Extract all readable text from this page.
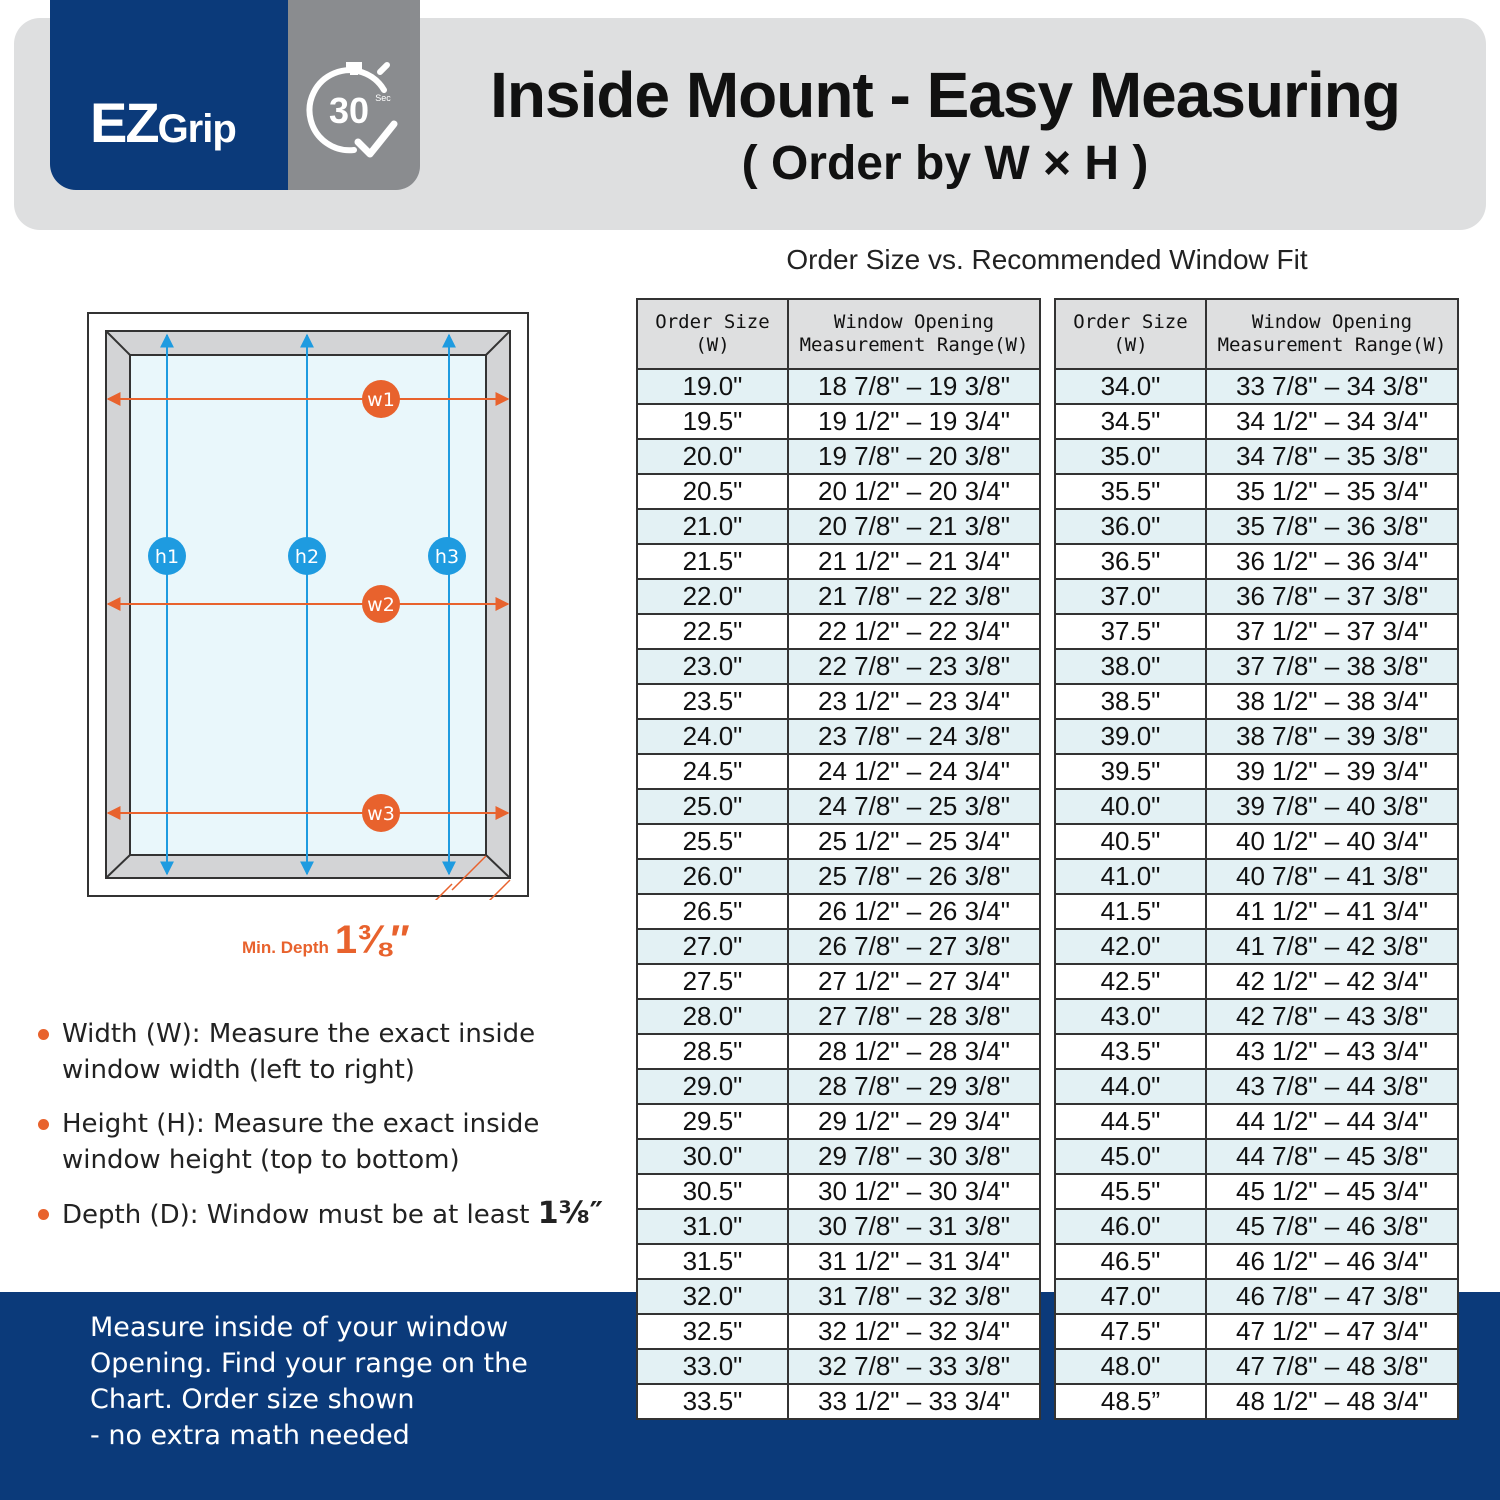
EZGrip	30 Sec	Inside Mount - Easy Measuring
( Order by W × H )
Measure inside of your window
Opening. Find your range on the
Chart. Order size shown
- no extra math needed
Order Size vs. Recommended Window Fit
Order Size (W)	Window Opening Measurement Range(W)
19.0"	18 7/8" – 19 3/8"
19.5"	19 1/2" – 19 3/4"
20.0"	19 7/8" – 20 3/8"
20.5"	20 1/2" – 20 3/4"
21.0"	20 7/8" – 21 3/8"
21.5"	21 1/2" – 21 3/4"
22.0"	21 7/8" – 22 3/8"
22.5"	22 1/2" – 22 3/4"
23.0"	22 7/8" – 23 3/8"
23.5"	23 1/2" – 23 3/4"
24.0"	23 7/8" – 24 3/8"
24.5"	24 1/2" – 24 3/4"
25.0"	24 7/8" – 25 3/8"
25.5"	25 1/2" – 25 3/4"
26.0"	25 7/8" – 26 3/8"
26.5"	26 1/2" – 26 3/4"
27.0"	26 7/8" – 27 3/8"
27.5"	27 1/2" – 27 3/4"
28.0"	27 7/8" – 28 3/8"
28.5"	28 1/2" – 28 3/4"
29.0"	28 7/8" – 29 3/8"
29.5"	29 1/2" – 29 3/4"
30.0"	29 7/8" – 30 3/8"
30.5"	30 1/2" – 30 3/4"
31.0"	30 7/8" – 31 3/8"
31.5"	31 1/2" – 31 3/4"
32.0"	31 7/8" – 32 3/8"
32.5"	32 1/2" – 32 3/4"
33.0"	32 7/8" – 33 3/8"
33.5"	33 1/2" – 33 3/4"
Order Size (W)	Window Opening Measurement Range(W)
34.0"	33 7/8" – 34 3/8"
34.5"	34 1/2" – 34 3/4"
35.0"	34 7/8" – 35 3/8"
35.5"	35 1/2" – 35 3/4"
36.0"	35 7/8" – 36 3/8"
36.5"	36 1/2" – 36 3/4"
37.0"	36 7/8" – 37 3/8"
37.5"	37 1/2" – 37 3/4"
38.0"	37 7/8" – 38 3/8"
38.5"	38 1/2" – 38 3/4"
39.0"	38 7/8" – 39 3/8"
39.5"	39 1/2" – 39 3/4"
40.0"	39 7/8" – 40 3/8"
40.5"	40 1/2" – 40 3/4"
41.0"	40 7/8" – 41 3/8"
41.5"	41 1/2" – 41 3/4"
42.0"	41 7/8" – 42 3/8"
42.5"	42 1/2" – 42 3/4"
43.0"	42 7/8" – 43 3/8"
43.5"	43 1/2" – 43 3/4"
44.0"	43 7/8" – 44 3/8"
44.5"	44 1/2" – 44 3/4"
45.0"	44 7/8" – 45 3/8"
45.5"	45 1/2" – 45 3/4"
46.0"	45 7/8" – 46 3/8"
46.5"	46 1/2" – 46 3/4"
47.0"	46 7/8" – 47 3/8"
47.5"	47 1/2" – 47 3/4"
48.0"	47 7/8" – 48 3/8"
48.5”	48 1/2" – 48 3/4"
w1
w2
w3
h1	h2	h3
Min. Depth 1⅜″
Width (W): Measure the exact inside
window width (left to right)
Height (H): Measure the exact inside
window height (top to bottom)
Depth (D): Window must be at least 1⅜″
